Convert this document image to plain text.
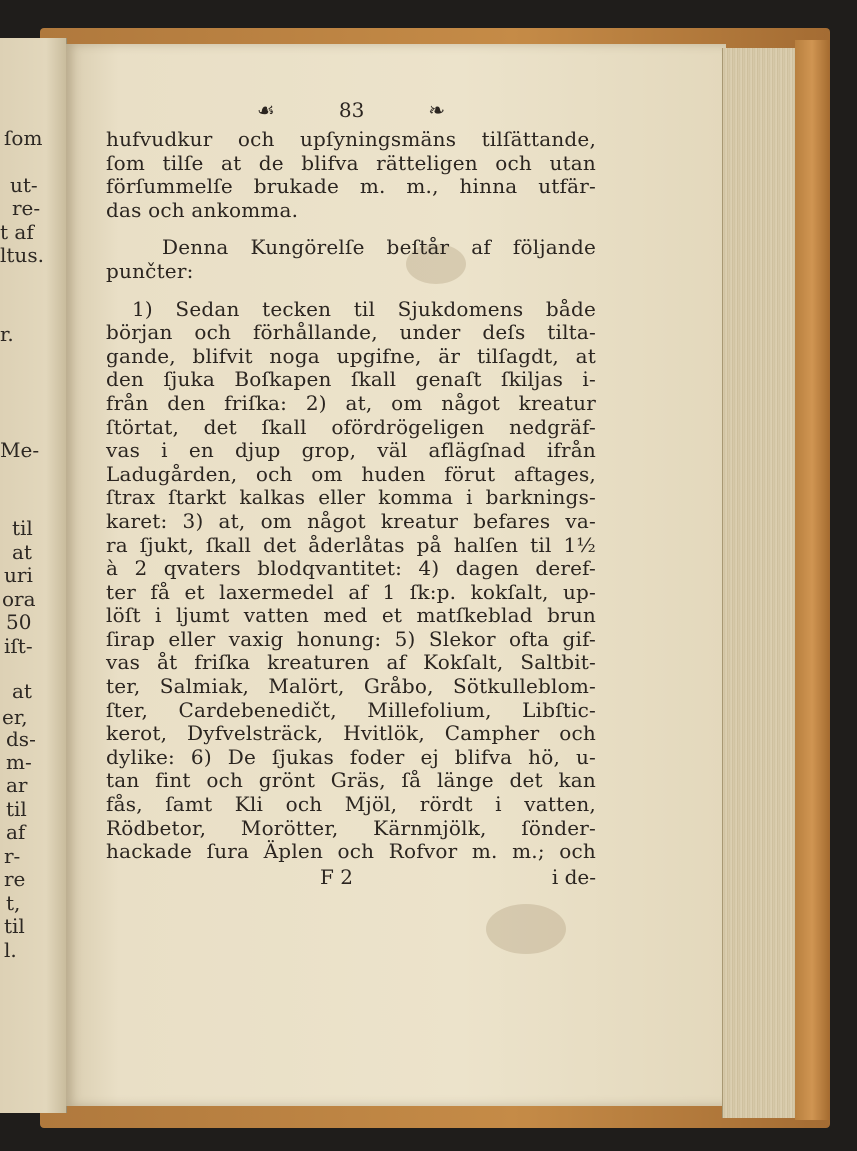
ſom
ut-
re-
t af
ltus.
r.
Me-
til
at
uri
ora
50
iſt-
at
er,
ds-
m-
ar
til
af
r-
re
t,
til
l.
☙	83	❧
hufvudkur och upſyningsmäns tilſättande,
ſom tilſe at de blifva rätteligen och utan
förſummelſe brukade m. m., hinna utfär-
das och ankomma.
Denna Kungörelſe beſtår af följande
punčter:
1) Sedan tecken til Sjukdomens både
början och förhållande, under deſs tilta-
gande, blifvit noga upgifne, är tilſagdt, at
den ſjuka Boſkapen ſkall genaſt ſkiljas i-
från den friſka: 2) at, om något kreatur
ſtörtat, det ſkall ofördrögeligen nedgräf-
vas i en djup grop, väl aflägſnad ifrån
Ladugården, och om huden förut aftages,
ſtrax ſtarkt kalkas eller komma i barknings-
karet: 3) at, om något kreatur befares va-
ra ſjukt, ſkall det åderlåtas på halſen til 1½
à 2 qvaters blodqvantitet: 4) dagen deref-
ter få et laxermedel af 1 ſk:p. kokſalt, up-
löſt i ljumt vatten med et matſkeblad brun
ſirap eller vaxig honung: 5) Slekor ofta gif-
vas åt friſka kreaturen af Kokſalt, Saltbit-
ter, Salmiak, Malört, Gråbo, Sötkulleblom-
ſter, Cardebenedičt, Millefolium, Libſtic-
kerot, Dyfvelsträck, Hvitlök, Campher och
dylike: 6) De ſjukas foder ej blifva hö, u-
tan fint och grönt Gräs, ſå länge det kan
fås, ſamt Kli och Mjöl, rördt i vatten,
Rödbetor, Morötter, Kärnmjölk, ſönder-
hackade ſura Äplen och Rofvor m. m.; och
F 2	i de-
